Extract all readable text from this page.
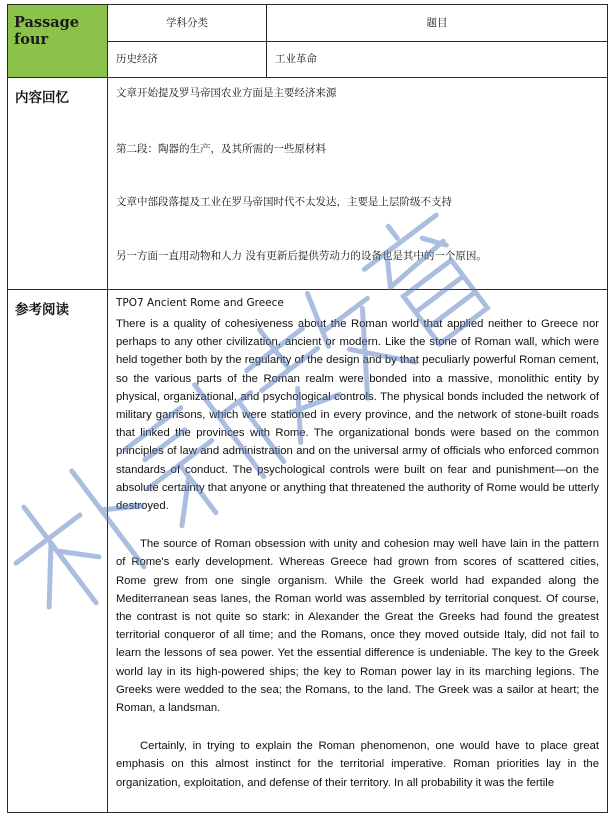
Passage four	学科分类	题目
	历史经济	工业革命
内容回忆	文章开始提及罗马帝国农业方面是主要经济来源

第二段：陶器的生产，及其所需的一些原材料

文章中部段落提及工业在罗马帝国时代不太发达，主要是上层阶级不支持

另一方面一直用动物和人力 没有更新后提供劳动力的设备也是其中的一个原因。	

参考阅读	TPO7 Ancient Rome and Greece

There is a quality of cohesiveness about the Roman world that applied neither to Greece nor perhaps to any other civilization, ancient or modern. Like the stone of Roman wall, which were held together both by the regularity of the design and by that peculiarly powerful Roman cement, so the various parts of the Roman realm were bonded into a massive, monolithic entity by physical, organizational, and psychological controls. The physical bonds included the network of military garrisons, which were stationed in every province, and the network of stone-built roads that linked the provinces with Rome. The organizational bonds were based on the common principles of law and administration and on the universal army of officials who enforced common standards of conduct. The psychological controls were built on fear and punishment—on the absolute certainty that anyone or anything that threatened the authority of Rome would be utterly destroyed.

The source of Roman obsession with unity and cohesion may well have lain in the pattern of Rome's early development. Whereas Greece had grown from scores of scattered cities, Rome grew from one single organism. While the Greek world had expanded along the Mediterranean seas lanes, the Roman world was assembled by territorial conquest. Of course, the contrast is not quite so stark: in Alexander the Great the Greeks had found the greatest territorial conqueror of all time; and the Romans, once they moved outside Italy, did not fail to learn the lessons of sea power. Yet the essential difference is undeniable. The key to the Greek world lay in its high-powered ships; the key to Roman power lay in its marching legions. The Greeks were wedded to the sea; the Romans, to the land. The Greek was a sailor at heart; the Roman, a landsman.

Certainly, in trying to explain the Roman phenomenon, one would have to place great emphasis on this almost instinct for the territorial imperative. Roman priorities lay in the organization, exploitation, and defense of their territory. In all probability it was the fertile	
